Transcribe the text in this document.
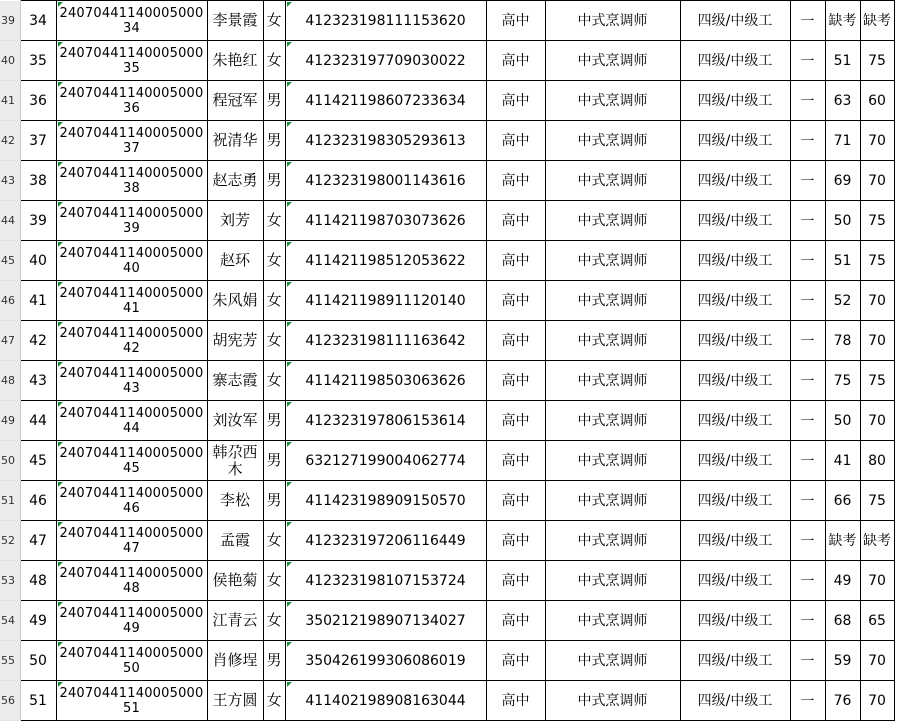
39	34	2407044114000500034	李景霞	女	412323198111153620	高中	中式烹调师	四级/中级工	一	缺考	缺考
40	35	2407044114000500035	朱艳红	女	412323197709030022	高中	中式烹调师	四级/中级工	一	51	75
41	36	2407044114000500036	程冠军	男	411421198607233634	高中	中式烹调师	四级/中级工	一	63	60
42	37	2407044114000500037	祝清华	男	412323198305293613	高中	中式烹调师	四级/中级工	一	71	70
43	38	2407044114000500038	赵志勇	男	412323198001143616	高中	中式烹调师	四级/中级工	一	69	70
44	39	2407044114000500039	刘芳	女	411421198703073626	高中	中式烹调师	四级/中级工	一	50	75
45	40	2407044114000500040	赵环	女	411421198512053622	高中	中式烹调师	四级/中级工	一	51	75
46	41	2407044114000500041	朱风娟	女	411421198911120140	高中	中式烹调师	四级/中级工	一	52	70
47	42	2407044114000500042	胡宪芳	女	412323198111163642	高中	中式烹调师	四级/中级工	一	78	70
48	43	2407044114000500043	寨志霞	女	411421198503063626	高中	中式烹调师	四级/中级工	一	75	75
49	44	2407044114000500044	刘汝军	男	412323197806153614	高中	中式烹调师	四级/中级工	一	50	70
50	45	2407044114000500045	韩尕西木	男	632127199004062774	高中	中式烹调师	四级/中级工	一	41	80
51	46	2407044114000500046	李松	男	411423198909150570	高中	中式烹调师	四级/中级工	一	66	75
52	47	2407044114000500047	孟霞	女	412323197206116449	高中	中式烹调师	四级/中级工	一	缺考	缺考
53	48	2407044114000500048	侯艳菊	女	412323198107153724	高中	中式烹调师	四级/中级工	一	49	70
54	49	2407044114000500049	江青云	女	350212198907134027	高中	中式烹调师	四级/中级工	一	68	65
55	50	2407044114000500050	肖修埕	男	350426199306086019	高中	中式烹调师	四级/中级工	一	59	70
56	51	2407044114000500051	王方圆	女	411402198908163044	高中	中式烹调师	四级/中级工	一	76	70
